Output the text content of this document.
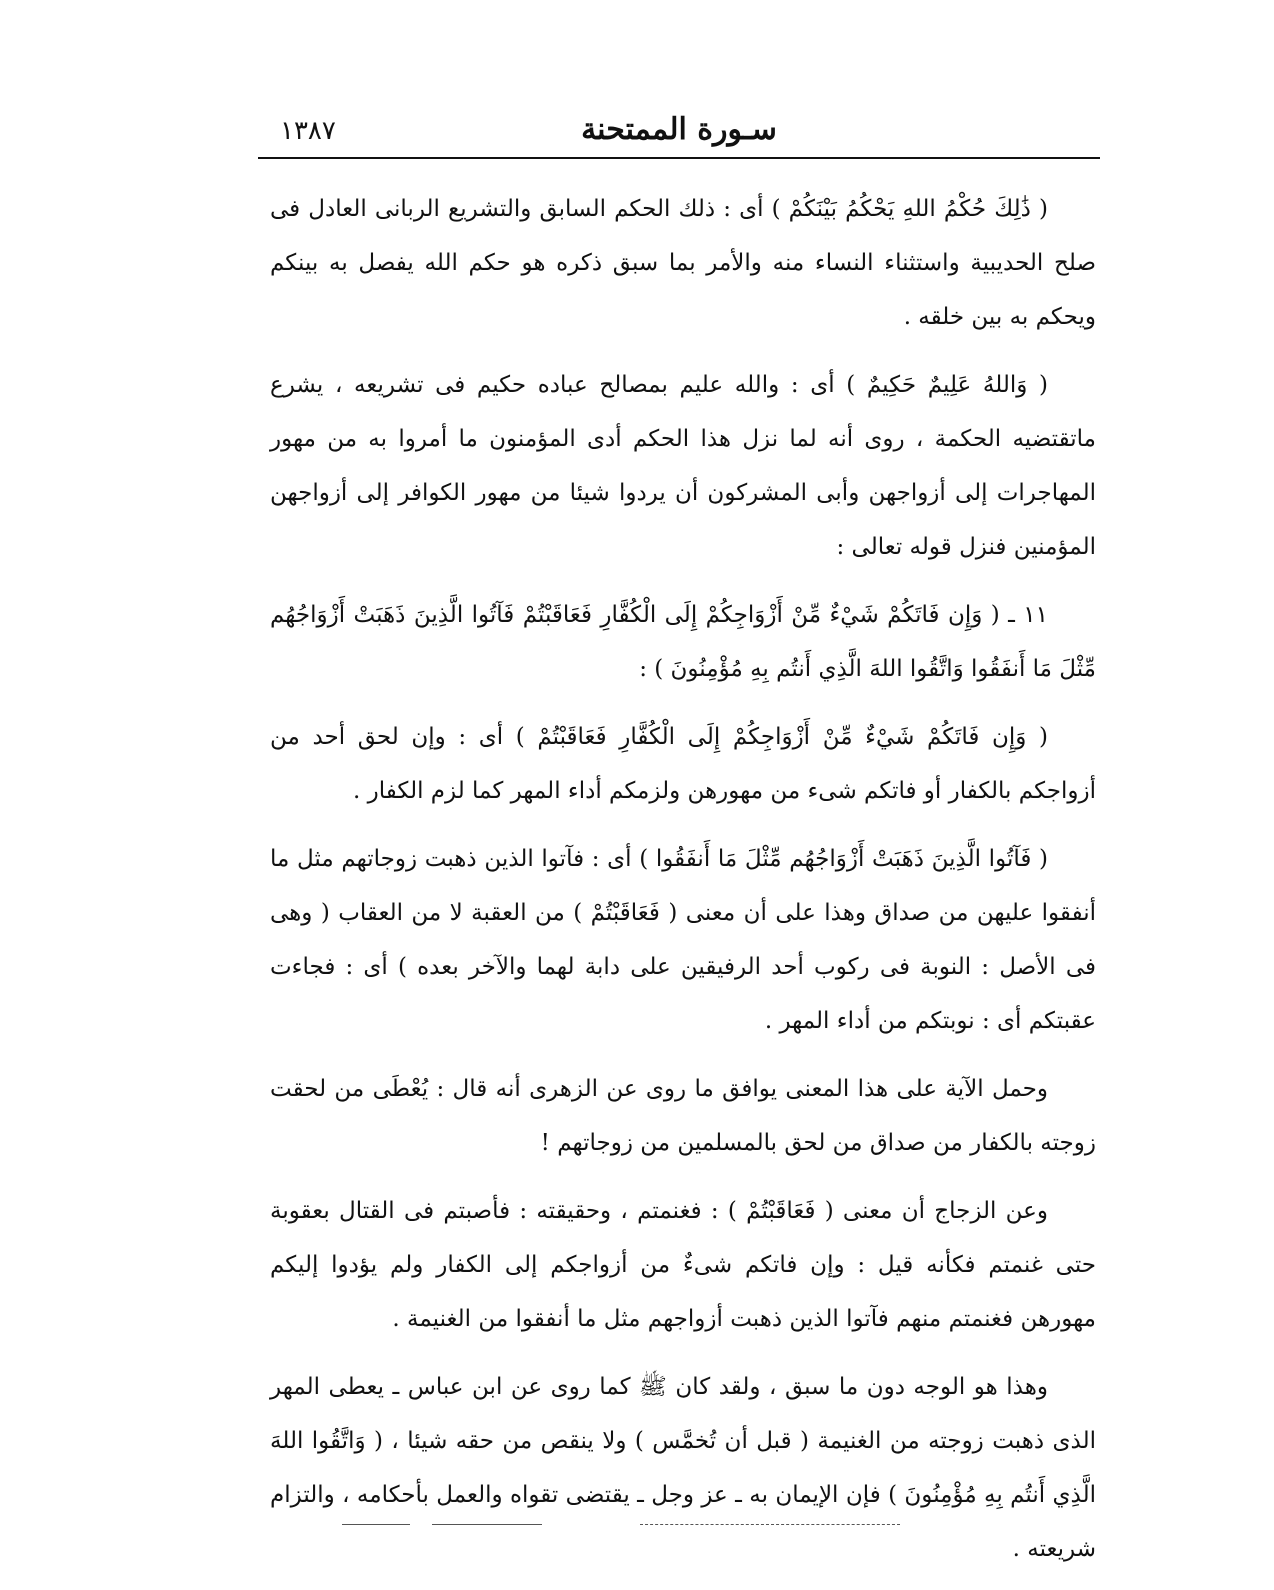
١٣٨٧	سـورة الممتحنة

( ذَٰلِكَ حُكْمُ اللهِ يَحْكُمُ بَيْنَكُمْ ) أى : ذلك الحكم السابق والتشريع الربانى العادل فى صلح الحديبية واستثناء النساء منه والأمر بما سبق ذكره هو حكم الله يفصل به بينكم ويحكم به بين خلقه .

( وَاللهُ عَلِيمٌ حَكِيمٌ ) أى : والله عليم بمصالح عباده حكيم فى تشريعه ، يشرع ماتقتضيه الحكمة ، روى أنه لما نزل هذا الحكم أدى المؤمنون ما أمروا به من مهور المهاجرات إلى أزواجهن وأبى المشركون أن يردوا شيئا من مهور الكوافر إلى أزواجهن المؤمنين فنزل قوله تعالى :

١١ ـ ( وَإِن فَاتَكُمْ شَيْءٌ مِّنْ أَزْوَاجِكُمْ إِلَى الْكُفَّارِ فَعَاقَبْتُمْ فَآتُوا الَّذِينَ ذَهَبَتْ أَزْوَاجُهُم مِّثْلَ مَا أَنفَقُوا وَاتَّقُوا اللهَ الَّذِي أَنتُم بِهِ مُؤْمِنُونَ ) :

( وَإِن فَاتَكُمْ شَيْءٌ مِّنْ أَزْوَاجِكُمْ إِلَى الْكُفَّارِ فَعَاقَبْتُمْ ) أى : وإن لحق أحد من أزواجكم بالكفار أو فاتكم شىء من مهورهن ولزمكم أداء المهر كما لزم الكفار .

( فَآتُوا الَّذِينَ ذَهَبَتْ أَزْوَاجُهُم مِّثْلَ مَا أَنفَقُوا ) أى : فآتوا الذين ذهبت زوجاتهم مثل ما أنفقوا عليهن من صداق وهذا على أن معنى ( فَعَاقَبْتُمْ ) من العقبة لا من العقاب ( وهى فى الأصل : النوبة فى ركوب أحد الرفيقين على دابة لهما والآخر بعده ) أى : فجاءت عقبتكم أى : نوبتكم من أداء المهر .

وحمل الآية على هذا المعنى يوافق ما روى عن الزهرى أنه قال : يُعْطَى من لحقت زوجته بالكفار من صداق من لحق بالمسلمين من زوجاتهم !

وعن الزجاج أن معنى ( فَعَاقَبْتُمْ ) : فغنمتم ، وحقيقته : فأصبتم فى القتال بعقوبة حتى غنمتم فكأنه قيل : وإن فاتكم شىءٌ من أزواجكم إلى الكفار ولم يؤدوا إليكم مهورهن فغنمتم منهم فآتوا الذين ذهبت أزواجهم مثل ما أنفقوا من الغنيمة .

وهذا هو الوجه دون ما سبق ، ولقد كان ﷺ كما روى عن ابن عباس ـ يعطى المهر الذى ذهبت زوجته من الغنيمة ( قبل أن تُخمَّس ) ولا ينقص من حقه شيئا ، ( وَاتَّقُوا اللهَ الَّذِي أَنتُم بِهِ مُؤْمِنُونَ ) فإن الإيمان به ـ عز وجل ـ يقتضى تقواه والعمل بأحكامه ، والتزام شريعته .
